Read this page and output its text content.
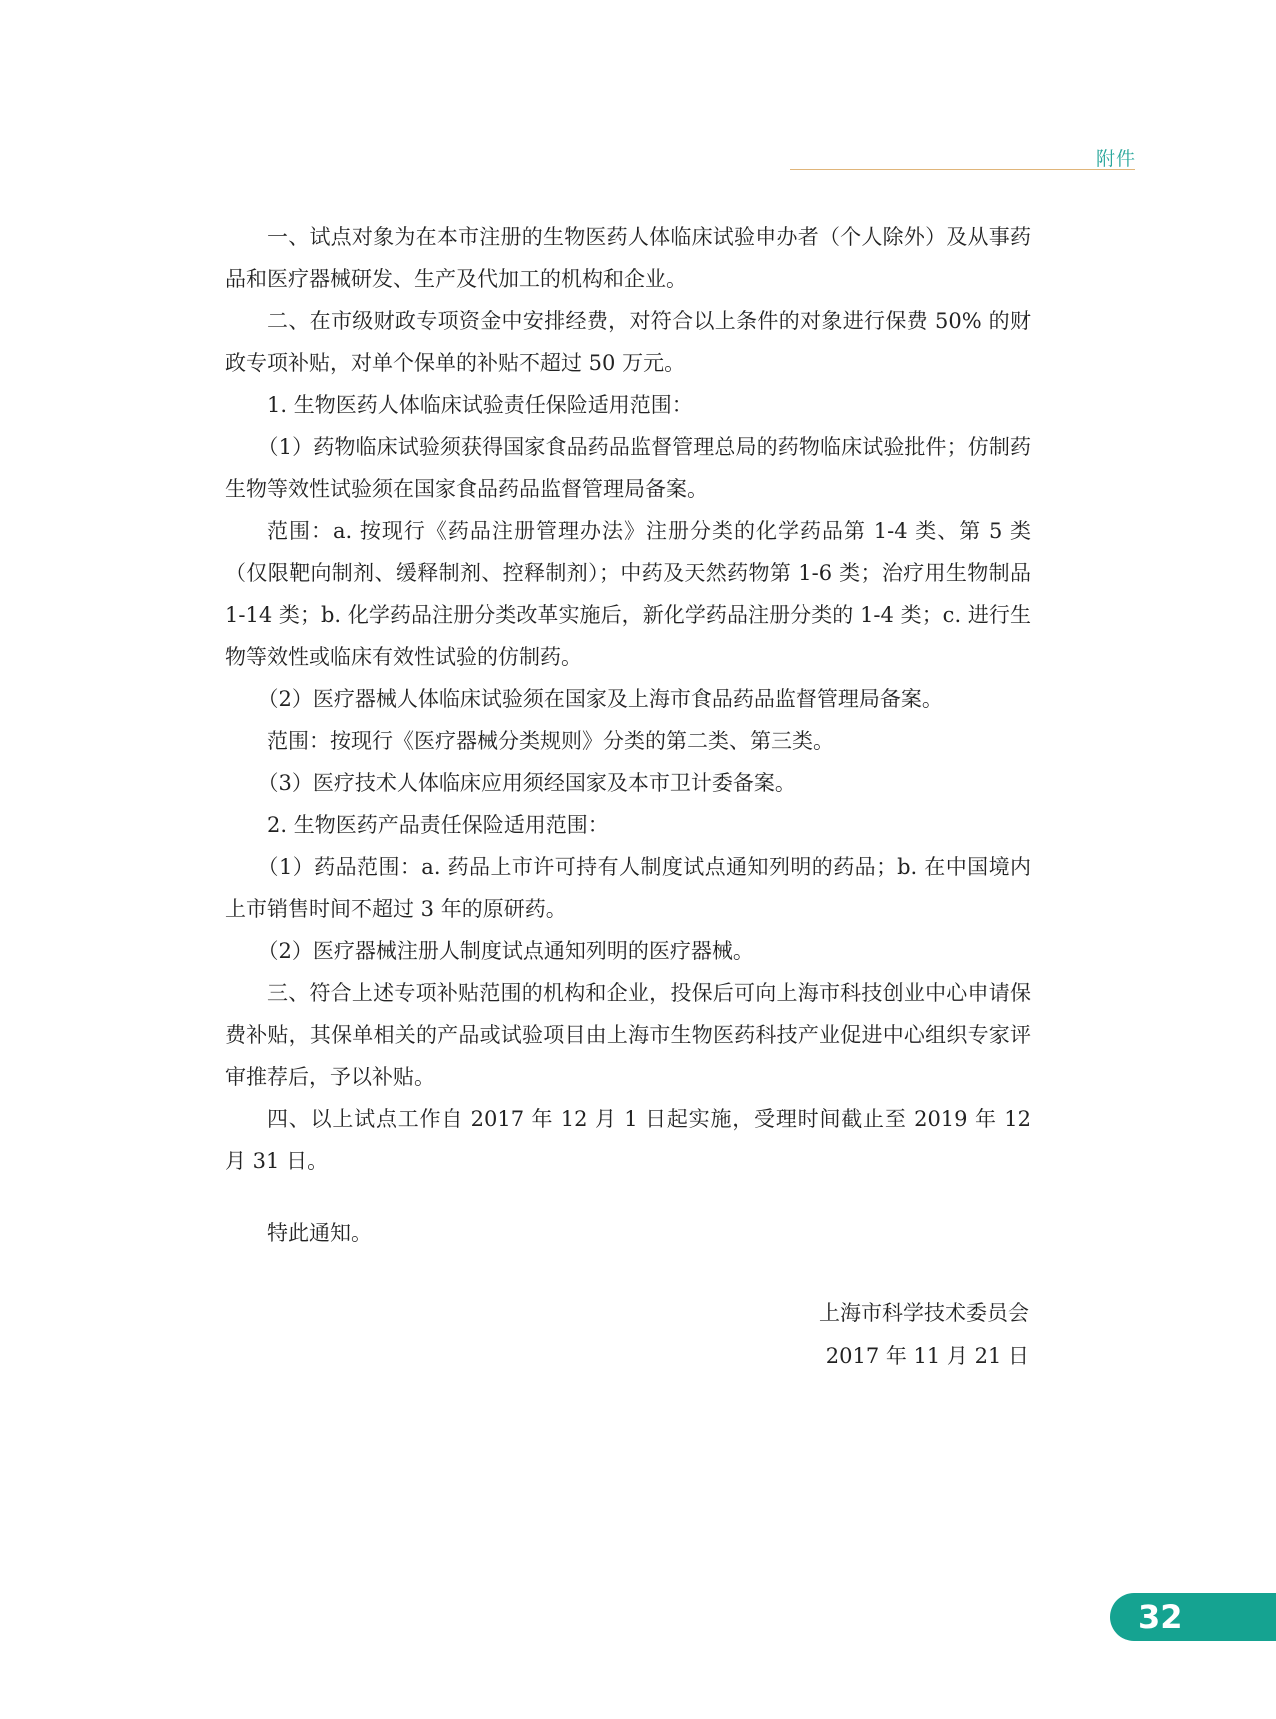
附件

一、试点对象为在本市注册的生物医药人体临床试验申办者（个人除外）及从事药品和医疗器械研发、生产及代加工的机构和企业。

二、在市级财政专项资金中安排经费，对符合以上条件的对象进行保费 50% 的财政专项补贴，对单个保单的补贴不超过 50 万元。

1. 生物医药人体临床试验责任保险适用范围：

（1）药物临床试验须获得国家食品药品监督管理总局的药物临床试验批件；仿制药生物等效性试验须在国家食品药品监督管理局备案。

范围：a. 按现行《药品注册管理办法》注册分类的化学药品第 1-4 类、第 5 类（仅限靶向制剂、缓释制剂、控释制剂）；中药及天然药物第 1-6 类；治疗用生物制品 1-14 类；b. 化学药品注册分类改革实施后，新化学药品注册分类的 1-4 类；c. 进行生物等效性或临床有效性试验的仿制药。

（2）医疗器械人体临床试验须在国家及上海市食品药品监督管理局备案。

范围：按现行《医疗器械分类规则》分类的第二类、第三类。

（3）医疗技术人体临床应用须经国家及本市卫计委备案。

2. 生物医药产品责任保险适用范围：

（1）药品范围：a. 药品上市许可持有人制度试点通知列明的药品；b. 在中国境内上市销售时间不超过 3 年的原研药。

（2）医疗器械注册人制度试点通知列明的医疗器械。

三、符合上述专项补贴范围的机构和企业，投保后可向上海市科技创业中心申请保费补贴，其保单相关的产品或试验项目由上海市生物医药科技产业促进中心组织专家评审推荐后，予以补贴。

四、以上试点工作自 2017 年 12 月 1 日起实施，受理时间截止至 2019 年 12 月 31 日。

特此通知。

上海市科学技术委员会
2017 年 11 月 21 日
32
